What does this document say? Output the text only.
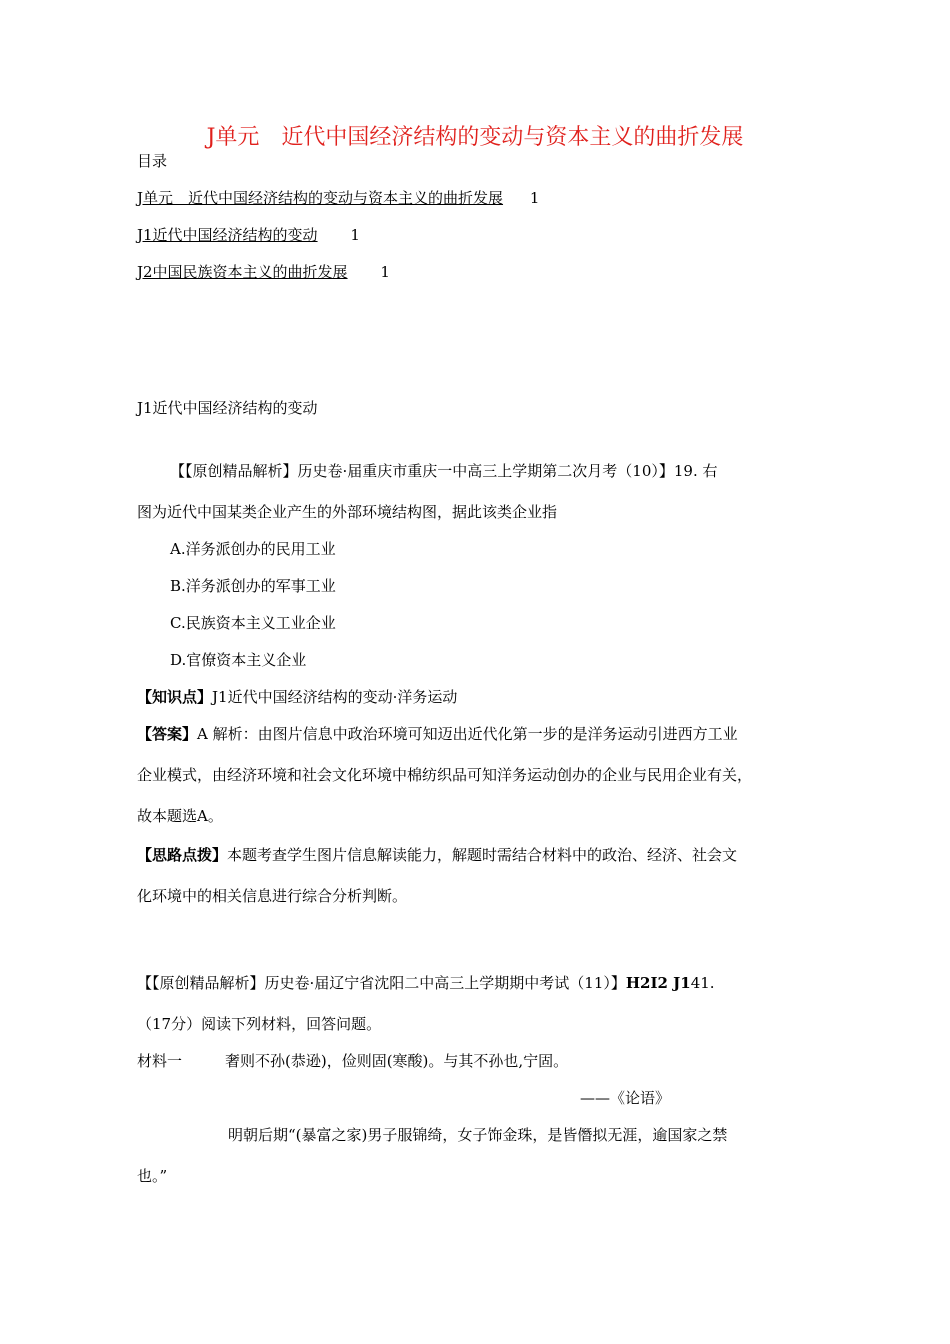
J单元　近代中国经济结构的变动与资本主义的曲折发展
目录
J单元　近代中国经济结构的变动与资本主义的曲折发展 1
J1近代中国经济结构的变动 1
J2中国民族资本主义的曲折发展 1
J1近代中国经济结构的变动
【【原创精品解析】历史卷·届重庆市重庆一中高三上学期第二次月考（10）】19. 右
图为近代中国某类企业产生的外部环境结构图，据此该类企业指
A.洋务派创办的民用工业
B.洋务派创办的军事工业
C.民族资本主义工业企业
D.官僚资本主义企业
【知识点】J1近代中国经济结构的变动·洋务运动
【答案】A 解析：由图片信息中政治环境可知迈出近代化第一步的是洋务运动引进西方工业
企业模式，由经济环境和社会文化环境中棉纺织品可知洋务运动创办的企业与民用企业有关，
故本题选A。
【思路点拨】本题考查学生图片信息解读能力，解题时需结合材料中的政治、经济、社会文
化环境中的相关信息进行综合分析判断。
【【原创精品解析】历史卷·届辽宁省沈阳二中高三上学期期中考试（11）】H2I2 J141.
（17分）阅读下列材料，回答问题。
材料一	奢则不孙(恭逊)，俭则固(寒酸)。与其不孙也,宁固。
——《论语》
明朝后期“(暴富之家)男子服锦绮，女子饰金珠，是皆僭拟无涯，逾国家之禁
也。”
